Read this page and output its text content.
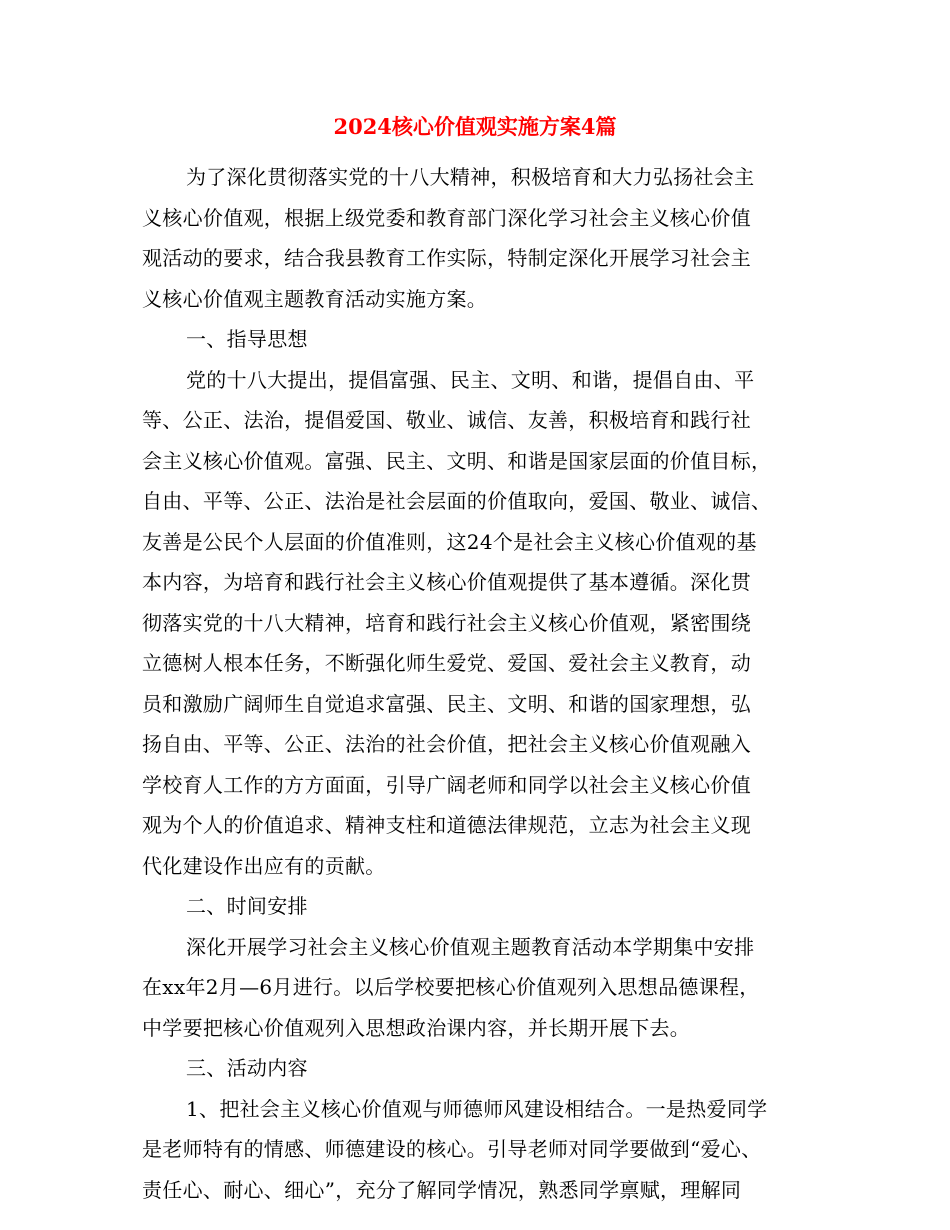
2024核心价值观实施方案4篇
为了深化贯彻落实党的十八大精神，积极培育和大力弘扬社会主
义核心价值观，根据上级党委和教育部门深化学习社会主义核心价值
观活动的要求，结合我县教育工作实际，特制定深化开展学习社会主
义核心价值观主题教育活动实施方案。
一、指导思想
党的十八大提出，提倡富强、民主、文明、和谐，提倡自由、平
等、公正、法治，提倡爱国、敬业、诚信、友善，积极培育和践行社
会主义核心价值观。富强、民主、文明、和谐是国家层面的价值目标，
自由、平等、公正、法治是社会层面的价值取向，爱国、敬业、诚信、
友善是公民个人层面的价值准则，这24个是社会主义核心价值观的基
本内容，为培育和践行社会主义核心价值观提供了基本遵循。深化贯
彻落实党的十八大精神，培育和践行社会主义核心价值观，紧密围绕
立德树人根本任务，不断强化师生爱党、爱国、爱社会主义教育，动
员和激励广阔师生自觉追求富强、民主、文明、和谐的国家理想，弘
扬自由、平等、公正、法治的社会价值，把社会主义核心价值观融入
学校育人工作的方方面面，引导广阔老师和同学以社会主义核心价值
观为个人的价值追求、精神支柱和道德法律规范，立志为社会主义现
代化建设作出应有的贡献。
二、时间安排
深化开展学习社会主义核心价值观主题教育活动本学期集中安排
在xx年2月—6月进行。以后学校要把核心价值观列入思想品德课程，
中学要把核心价值观列入思想政治课内容，并长期开展下去。
三、活动内容
1、把社会主义核心价值观与师德师风建设相结合。一是热爱同学
是老师特有的情感、师德建设的核心。引导老师对同学要做到“爱心、
责任心、耐心、细心”，充分了解同学情况，熟悉同学禀赋，理解同
